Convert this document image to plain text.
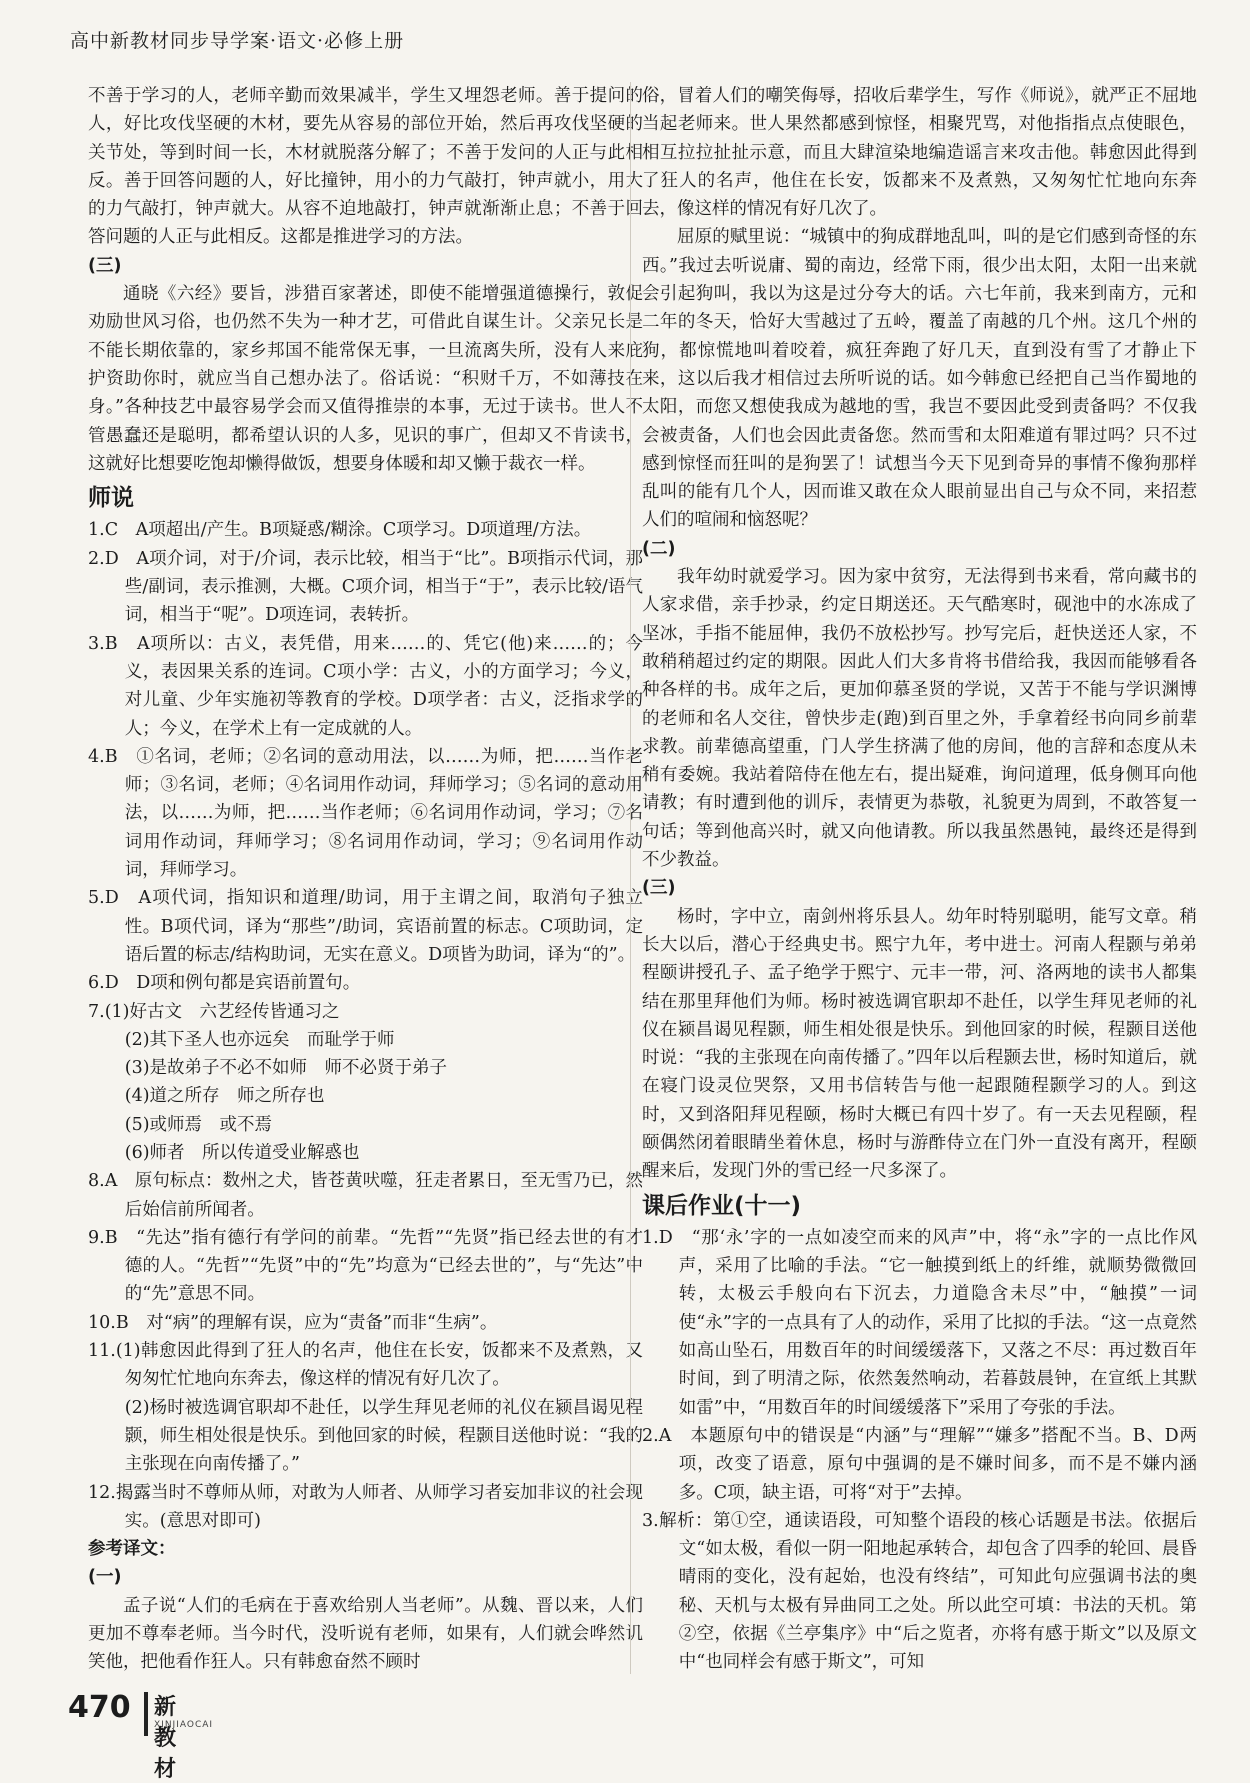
高中新教材同步导学案·语文·必修上册

不善于学习的人，老师辛勤而效果减半，学生又埋怨老师。善于提问的人，好比攻伐坚硬的木材，要先从容易的部位开始，然后再攻伐坚硬的关节处，等到时间一长，木材就脱落分解了；不善于发问的人正与此相反。善于回答问题的人，好比撞钟，用小的力气敲打，钟声就小，用大的力气敲打，钟声就大。从容不迫地敲打，钟声就渐渐止息；不善于回答问题的人正与此相反。这都是推进学习的方法。

(三)

通晓《六经》要旨，涉猎百家著述，即使不能增强道德操行，敦促劝励世风习俗，也仍然不失为一种才艺，可借此自谋生计。父亲兄长是不能长期依靠的，家乡邦国不能常保无事，一旦流离失所，没有人来庇护资助你时，就应当自己想办法了。俗话说：“积财千万，不如薄技在身。”各种技艺中最容易学会而又值得推崇的本事，无过于读书。世人不管愚蠢还是聪明，都希望认识的人多，见识的事广，但却又不肯读书，这就好比想要吃饱却懒得做饭，想要身体暖和却又懒于裁衣一样。

师说

1.C　A项超出/产生。B项疑惑/糊涂。C项学习。D项道理/方法。

2.D　A项介词，对于/介词，表示比较，相当于“比”。B项指示代词，那些/副词，表示推测，大概。C项介词，相当于“于”，表示比较/语气词，相当于“呢”。D项连词，表转折。

3.B　A项所以：古义，表凭借，用来……的、凭它(他)来……的；今义，表因果关系的连词。C项小学：古义，小的方面学习；今义，对儿童、少年实施初等教育的学校。D项学者：古义，泛指求学的人；今义，在学术上有一定成就的人。

4.B　①名词，老师；②名词的意动用法，以……为师，把……当作老师；③名词，老师；④名词用作动词，拜师学习；⑤名词的意动用法，以……为师，把……当作老师；⑥名词用作动词，学习；⑦名词用作动词，拜师学习；⑧名词用作动词，学习；⑨名词用作动词，拜师学习。

5.D　A项代词，指知识和道理/助词，用于主谓之间，取消句子独立性。B项代词，译为“那些”/助词，宾语前置的标志。C项助词，定语后置的标志/结构助词，无实在意义。D项皆为助词，译为“的”。

6.D　D项和例句都是宾语前置句。

7.(1)好古文　六艺经传皆通习之

(2)其下圣人也亦远矣　而耻学于师

(3)是故弟子不必不如师　师不必贤于弟子

(4)道之所存　师之所存也

(5)或师焉　或不焉

(6)师者　所以传道受业解惑也

8.A　原句标点：数州之犬，皆苍黄吠噬，狂走者累日，至无雪乃已，然后始信前所闻者。

9.B　“先达”指有德行有学问的前辈。“先哲”“先贤”指已经去世的有才德的人。“先哲”“先贤”中的“先”均意为“已经去世的”，与“先达”中的“先”意思不同。

10.B　对“病”的理解有误，应为“责备”而非“生病”。

11.(1)韩愈因此得到了狂人的名声，他住在长安，饭都来不及煮熟，又匆匆忙忙地向东奔去，像这样的情况有好几次了。

(2)杨时被选调官职却不赴任，以学生拜见老师的礼仪在颍昌谒见程颢，师生相处很是快乐。到他回家的时候，程颢目送他时说：“我的主张现在向南传播了。”

12.揭露当时不尊师从师，对敢为人师者、从师学习者妄加非议的社会现实。(意思对即可)

参考译文：

(一)

孟子说“人们的毛病在于喜欢给别人当老师”。从魏、晋以来，人们更加不尊奉老师。当今时代，没听说有老师，如果有，人们就会哗然讥笑他，把他看作狂人。只有韩愈奋然不顾时

俗，冒着人们的嘲笑侮辱，招收后辈学生，写作《师说》，就严正不屈地当起老师来。世人果然都感到惊怪，相聚咒骂，对他指指点点使眼色，相互拉拉扯扯示意，而且大肆渲染地编造谣言来攻击他。韩愈因此得到了狂人的名声，他住在长安，饭都来不及煮熟，又匆匆忙忙地向东奔去，像这样的情况有好几次了。

屈原的赋里说：“城镇中的狗成群地乱叫，叫的是它们感到奇怪的东西。”我过去听说庸、蜀的南边，经常下雨，很少出太阳，太阳一出来就会引起狗叫，我以为这是过分夸大的话。六七年前，我来到南方，元和二年的冬天，恰好大雪越过了五岭，覆盖了南越的几个州。这几个州的狗，都惊慌地叫着咬着，疯狂奔跑了好几天，直到没有雪了才静止下来，这以后我才相信过去所听说的话。如今韩愈已经把自己当作蜀地的太阳，而您又想使我成为越地的雪，我岂不要因此受到责备吗？不仅我会被责备，人们也会因此责备您。然而雪和太阳难道有罪过吗？只不过感到惊怪而狂叫的是狗罢了！试想当今天下见到奇异的事情不像狗那样乱叫的能有几个人，因而谁又敢在众人眼前显出自己与众不同，来招惹人们的喧闹和恼怒呢？

(二)

我年幼时就爱学习。因为家中贫穷，无法得到书来看，常向藏书的人家求借，亲手抄录，约定日期送还。天气酷寒时，砚池中的水冻成了坚冰，手指不能屈伸，我仍不放松抄写。抄写完后，赶快送还人家，不敢稍稍超过约定的期限。因此人们大多肯将书借给我，我因而能够看各种各样的书。成年之后，更加仰慕圣贤的学说，又苦于不能与学识渊博的老师和名人交往，曾快步走(跑)到百里之外，手拿着经书向同乡前辈求教。前辈德高望重，门人学生挤满了他的房间，他的言辞和态度从未稍有委婉。我站着陪侍在他左右，提出疑难，询问道理，低身侧耳向他请教；有时遭到他的训斥，表情更为恭敬，礼貌更为周到，不敢答复一句话；等到他高兴时，就又向他请教。所以我虽然愚钝，最终还是得到不少教益。

(三)

杨时，字中立，南剑州将乐县人。幼年时特别聪明，能写文章。稍长大以后，潜心于经典史书。熙宁九年，考中进士。河南人程颢与弟弟程颐讲授孔子、孟子绝学于熙宁、元丰一带，河、洛两地的读书人都集结在那里拜他们为师。杨时被选调官职却不赴任，以学生拜见老师的礼仪在颍昌谒见程颢，师生相处很是快乐。到他回家的时候，程颢目送他时说：“我的主张现在向南传播了。”四年以后程颢去世，杨时知道后，就在寝门设灵位哭祭，又用书信转告与他一起跟随程颢学习的人。到这时，又到洛阳拜见程颐，杨时大概已有四十岁了。有一天去见程颐，程颐偶然闭着眼睛坐着休息，杨时与游酢侍立在门外一直没有离开，程颐醒来后，发现门外的雪已经一尺多深了。

课后作业(十一)

1.D　“那‘永’字的一点如凌空而来的风声”中，将“永”字的一点比作风声，采用了比喻的手法。“它一触摸到纸上的纤维，就顺势微微回转，太极云手般向右下沉去，力道隐含未尽”中，“触摸”一词使“永”字的一点具有了人的动作，采用了比拟的手法。“这一点竟然如高山坠石，用数百年的时间缓缓落下，又落之不尽：再过数百年时间，到了明清之际，依然轰然响动，若暮鼓晨钟，在宣纸上其默如雷”中，“用数百年的时间缓缓落下”采用了夸张的手法。

2.A　本题原句中的错误是“内涵”与“理解”“嫌多”搭配不当。B、D两项，改变了语意，原句中强调的是不嫌时间多，而不是不嫌内涵多。C项，缺主语，可将“对于”去掉。

3.解析：第①空，通读语段，可知整个语段的核心话题是书法。依据后文“如太极，看似一阴一阳地起承转合，却包含了四季的轮回、晨昏晴雨的变化，没有起始，也没有终结”，可知此句应强调书法的奥秘、天机与太极有异曲同工之处。所以此空可填：书法的天机。第②空，依据《兰亭集序》中“后之览者，亦将有感于斯文”以及原文中“也同样会有感于斯文”，可知

470 新教材
XINJIAOCAI
